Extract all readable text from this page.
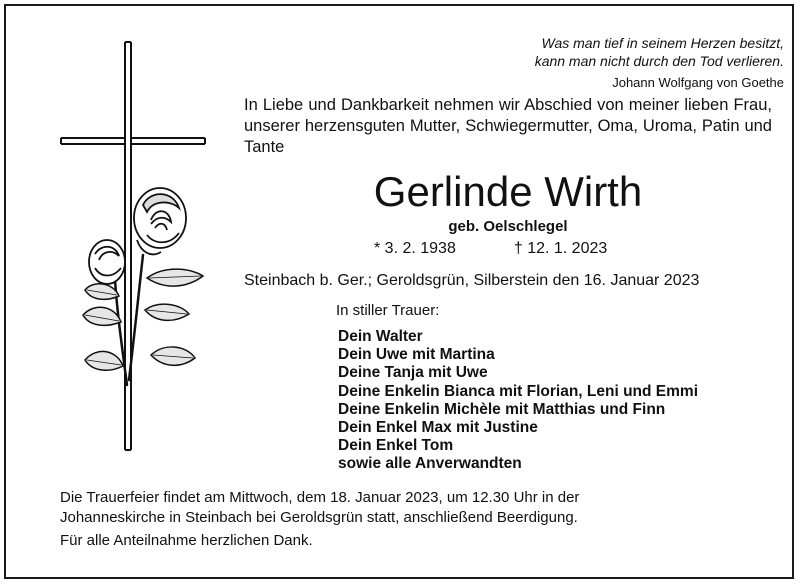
Was man tief in seinem Herzen besitzt,
kann man nicht durch den Tod verlieren.
Johann Wolfgang von Goethe
In Liebe und Dankbarkeit nehmen wir Abschied von meiner lieben Frau, unserer herzensguten Mutter, Schwiegermutter, Oma, Uroma, Patin und Tante
Gerlinde Wirth
geb. Oelschlegel
* 3. 2. 1938	† 12. 1. 2023
Steinbach b. Ger.; Geroldsgrün, Silberstein den 16. Januar 2023
In stiller Trauer:
Dein Walter
Dein Uwe mit Martina
Deine Tanja mit Uwe
Deine Enkelin Bianca mit Florian, Leni und Emmi
Deine Enkelin Michèle mit Matthias und Finn
Dein Enkel Max mit Justine
Dein Enkel Tom
sowie alle Anverwandten
Die Trauerfeier findet am Mittwoch, dem 18. Januar 2023, um 12.30 Uhr in der
Johanneskirche in Steinbach bei Geroldsgrün statt, anschließend Beerdigung.
Für alle Anteilnahme herzlichen Dank.
